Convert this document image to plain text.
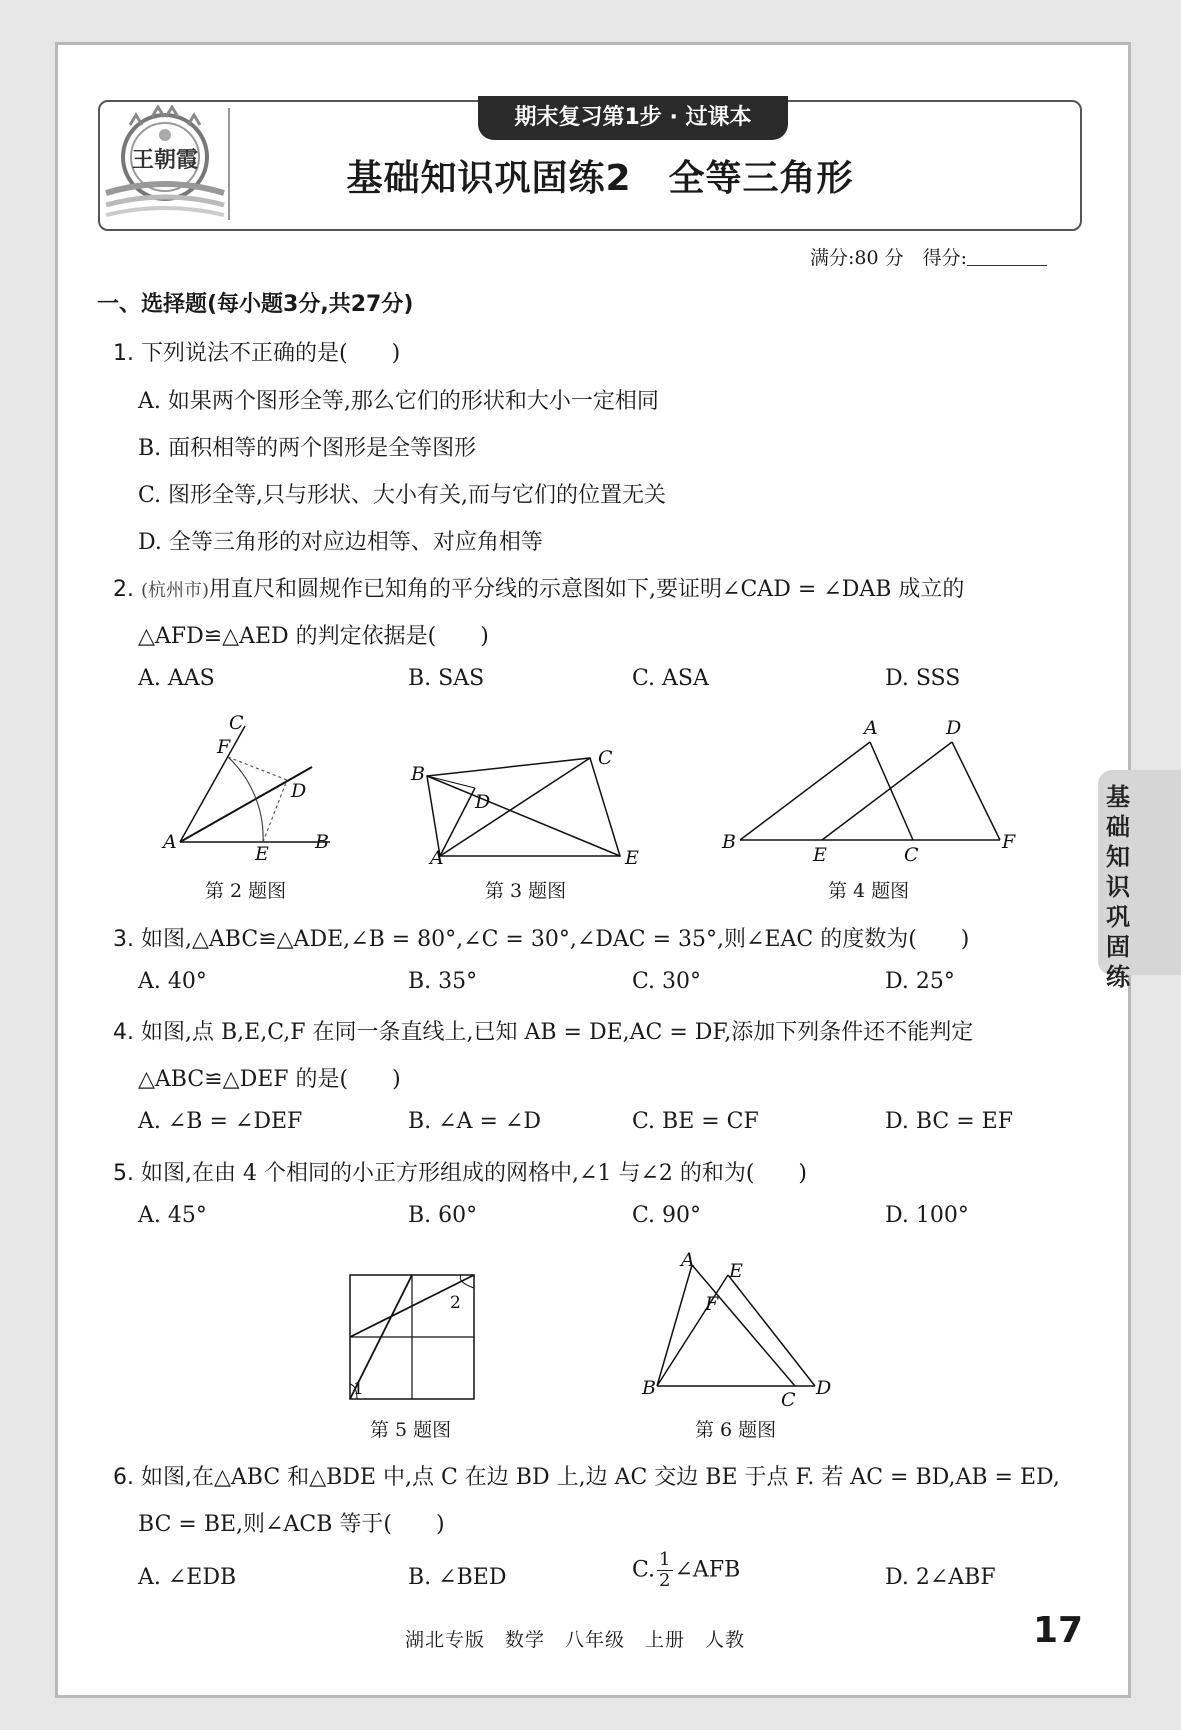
王朝霞
期末复习第1步 · 过课本
基础知识巩固练2　全等三角形
满分:80 分　得分:
一、选择题(每小题3分,共27分)
1. 下列说法不正确的是(　　)
A. 如果两个图形全等,那么它们的形状和大小一定相同
B. 面积相等的两个图形是全等图形
C. 图形全等,只与形状、大小有关,而与它们的位置无关
D. 全等三角形的对应边相等、对应角相等
2. (杭州市)用直尺和圆规作已知角的平分线的示意图如下,要证明∠CAD = ∠DAB 成立的
△AFD≌△AED 的判定依据是(　　)
A. AAS	B. SAS	C. ASA	D. SSS
C
F
D
A
E
B
第 2 题图
B
C
D
A	E
第 3 题图
A	D
B
E	C
F
第 4 题图
3. 如图,△ABC≌△ADE,∠B = 80°,∠C = 30°,∠DAC = 35°,则∠EAC 的度数为(　　)
A. 40°	B. 35°	C. 30°	D. 25°
4. 如图,点 B,E,C,F 在同一条直线上,已知 AB = DE,AC = DF,添加下列条件还不能判定
△ABC≌△DEF 的是(　　)
A. ∠B = ∠DEF	B. ∠A = ∠D	C. BE = CF	D. BC = EF
5. 如图,在由 4 个相同的小正方形组成的网格中,∠1 与∠2 的和为(　　)
A. 45°	B. 60°	C. 90°	D. 100°
1
2
第 5 题图
A E
F
B
C
D
第 6 题图
6. 如图,在△ABC 和△BDE 中,点 C 在边 BD 上,边 AC 交边 BE 于点 F. 若 AC = BD,AB = ED,
BC = BE,则∠ACB 等于(　　)
A. ∠EDB	B. ∠BED	C. $\frac{1}{2}$ ∠AFB	D. 2∠ABF
基础知识巩固练
湖北专版　数学　八年级　上册　人教	17
